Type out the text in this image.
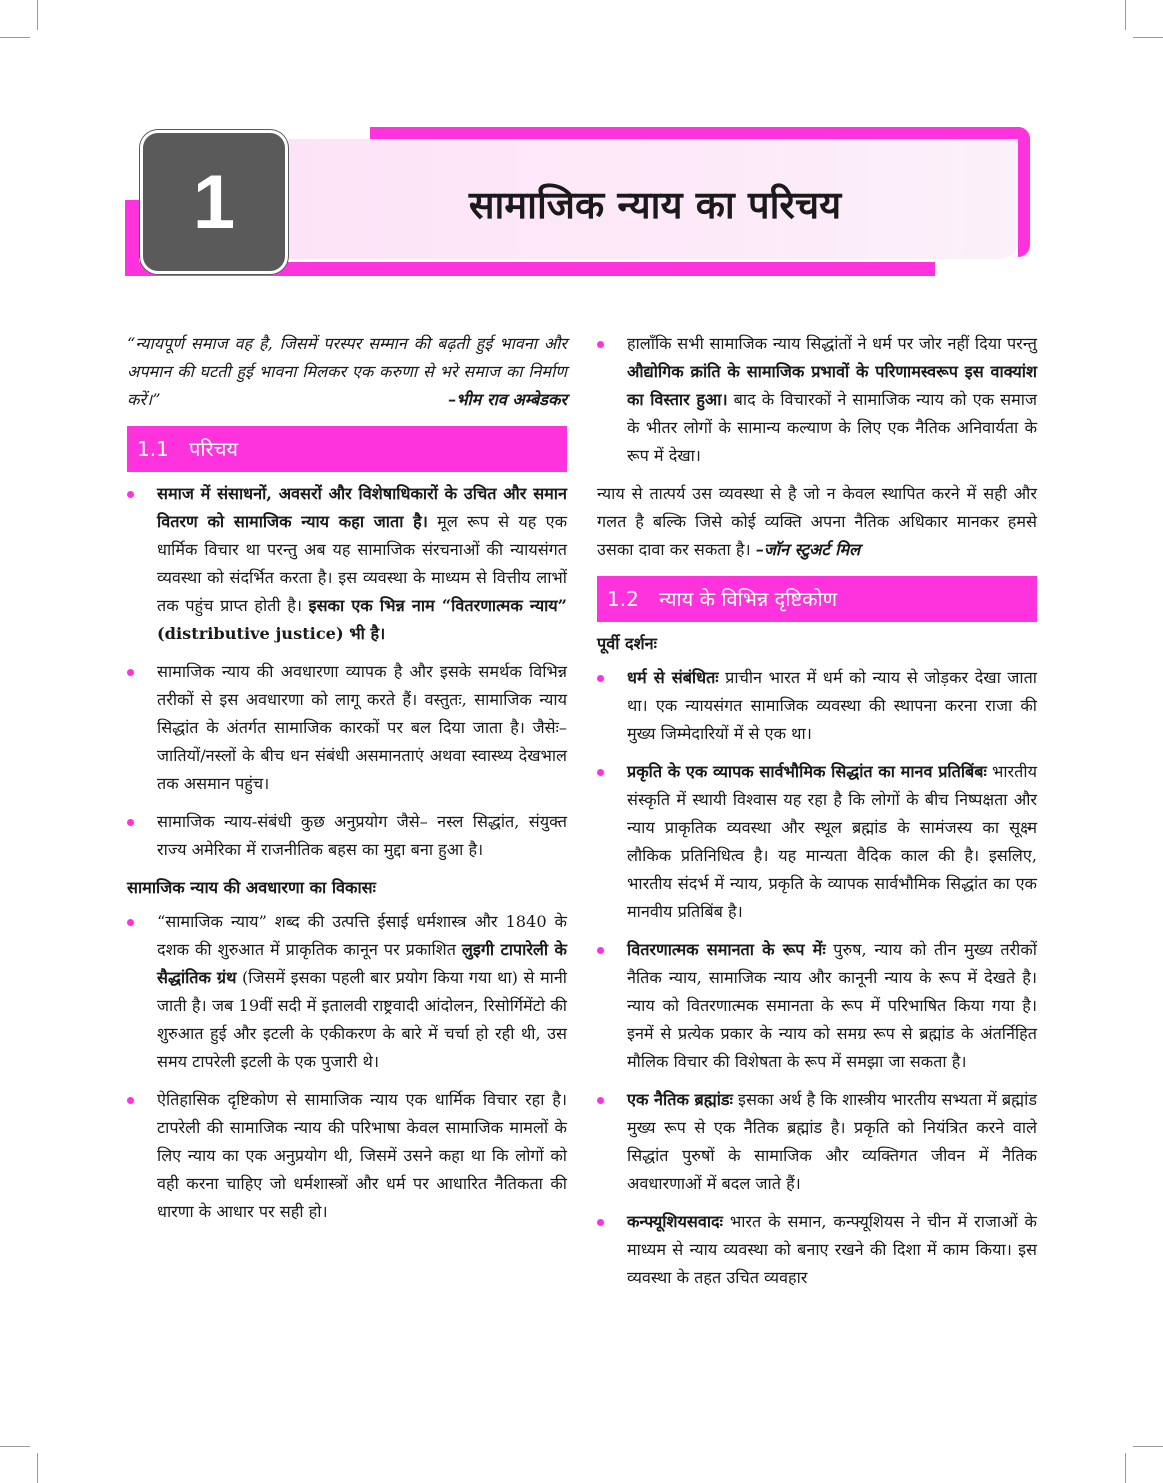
1	सामाजिक न्याय का परिचय
“न्यायपूर्ण समाज वह है, जिसमें परस्पर सम्मान की बढ़ती हुई भावना और अपमान की घटती हुई भावना मिलकर एक करुणा से भरे समाज का निर्माण करें।”	–भीम राव अम्बेडकर
1.1	परिचय
समाज में संसाधनों, अवसरों और विशेषाधिकारों के उचित और समान वितरण को सामाजिक न्याय कहा जाता है। मूल रूप से यह एक धार्मिक विचार था परन्तु अब यह सामाजिक संरचनाओं की न्यायसंगत व्यवस्था को संदर्भित करता है। इस व्यवस्था के माध्यम से वित्तीय लाभों तक पहुंच प्राप्त होती है। इसका एक भिन्न नाम “वितरणात्मक न्याय” (distributive justice) भी है।
सामाजिक न्याय की अवधारणा व्यापक है और इसके समर्थक विभिन्न तरीकों से इस अवधारणा को लागू करते हैं। वस्तुतः, सामाजिक न्याय सिद्धांत के अंतर्गत सामाजिक कारकों पर बल दिया जाता है। जैसेः– जातियों/नस्लों के बीच धन संबंधी असमानताएं अथवा स्वास्थ्य देखभाल तक असमान पहुंच।
सामाजिक न्याय-संबंधी कुछ अनुप्रयोग जैसे– नस्ल सिद्धांत, संयुक्त राज्य अमेरिका में राजनीतिक बहस का मुद्दा बना हुआ है।
सामाजिक न्याय की अवधारणा का विकासः
“सामाजिक न्याय” शब्द की उत्पत्ति ईसाई धर्मशास्त्र और 1840 के दशक की शुरुआत में प्राकृतिक कानून पर प्रकाशित लुइगी टापारेली के सैद्धांतिक ग्रंथ (जिसमें इसका पहली बार प्रयोग किया गया था) से मानी जाती है। जब 19वीं सदी में इतालवी राष्ट्रवादी आंदोलन, रिसोर्गिमेंटो की शुरुआत हुई और इटली के एकीकरण के बारे में चर्चा हो रही थी, उस समय टापरेली इटली के एक पुजारी थे।
ऐतिहासिक दृष्टिकोण से सामाजिक न्याय एक धार्मिक विचार रहा है। टापरेली की सामाजिक न्याय की परिभाषा केवल सामाजिक मामलों के लिए न्याय का एक अनुप्रयोग थी, जिसमें उसने कहा था कि लोगों को वही करना चाहिए जो धर्मशास्त्रों और धर्म पर आधारित नैतिकता की धारणा के आधार पर सही हो।
हालाँकि सभी सामाजिक न्याय सिद्धांतों ने धर्म पर जोर नहीं दिया परन्तु औद्योगिक क्रांति के सामाजिक प्रभावों के परिणामस्वरूप इस वाक्यांश का विस्तार हुआ। बाद के विचारकों ने सामाजिक न्याय को एक समाज के भीतर लोगों के सामान्य कल्याण के लिए एक नैतिक अनिवार्यता के रूप में देखा।
न्याय से तात्पर्य उस व्यवस्था से है जो न केवल स्थापित करने में सही और गलत है बल्कि जिसे कोई व्यक्ति अपना नैतिक अधिकार मानकर हमसे उसका दावा कर सकता है। –जॉन स्टुअर्ट मिल
1.2	न्याय के विभिन्न दृष्टिकोण
पूर्वी दर्शनः
धर्म से संबंधितः प्राचीन भारत में धर्म को न्याय से जोड़कर देखा जाता था। एक न्यायसंगत सामाजिक व्यवस्था की स्थापना करना राजा की मुख्य जिम्मेदारियों में से एक था।
प्रकृति के एक व्यापक सार्वभौमिक सिद्धांत का मानव प्रतिबिंबः भारतीय संस्कृति में स्थायी विश्वास यह रहा है कि लोगों के बीच निष्पक्षता और न्याय प्राकृतिक व्यवस्था और स्थूल ब्रह्मांड के सामंजस्य का सूक्ष्म लौकिक प्रतिनिधित्व है। यह मान्यता वैदिक काल की है। इसलिए, भारतीय संदर्भ में न्याय, प्रकृति के व्यापक सार्वभौमिक सिद्धांत का एक मानवीय प्रतिबिंब है।
वितरणात्मक समानता के रूप मेंः पुरुष, न्याय को तीन मुख्य तरीकों नैतिक न्याय, सामाजिक न्याय और कानूनी न्याय के रूप में देखते है। न्याय को वितरणात्मक समानता के रूप में परिभाषित किया गया है। इनमें से प्रत्येक प्रकार के न्याय को समग्र रूप से ब्रह्मांड के अंतर्निहित मौलिक विचार की विशेषता के रूप में समझा जा सकता है।
एक नैतिक ब्रह्मांडः इसका अर्थ है कि शास्त्रीय भारतीय सभ्यता में ब्रह्मांड मुख्य रूप से एक नैतिक ब्रह्मांड है। प्रकृति को नियंत्रित करने वाले सिद्धांत पुरुषों के सामाजिक और व्यक्तिगत जीवन में नैतिक अवधारणाओं में बदल जाते हैं।
कन्फ्यूशियसवादः भारत के समान, कन्फ्यूशियस ने चीन में राजाओं के माध्यम से न्याय व्यवस्था को बनाए रखने की दिशा में काम किया। इस व्यवस्था के तहत उचित व्यवहार
